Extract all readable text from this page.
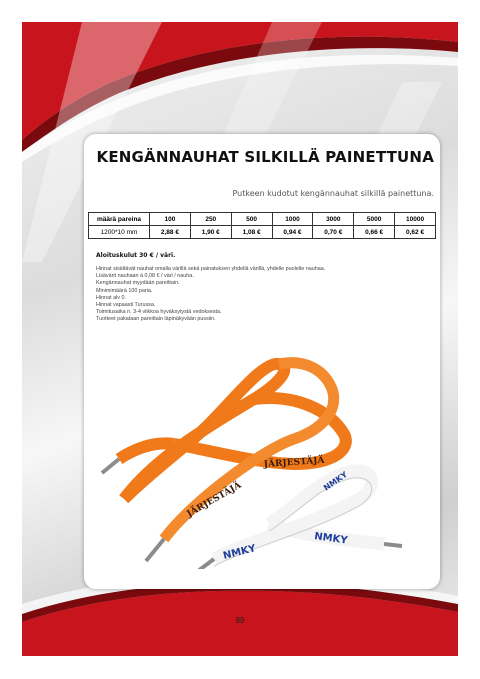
KENGÄNNAUHAT SILKILLÄ PAINETTUNA

Putkeen kudotut kengännauhat silkillä painettuna.

määrä pareina	100	250	500	1000	3000	5000	10000
1200*10 mm	2,88 €	1,90 €	1,08 €	0,94 €	0,70 €	0,66 €	0,62 €

Aloituskulut 30 € / väri.

Hinnat sisältävät nauhat omalla värillä sekä painatuksen yhdellä värillä, yhdelle puolelle nauhaa.
Lisävärit nauhaan á 0,08 € / väri / nauha.
Kengännauhat myydään pareittain.
Minimimäärä 100 paria.
Hinnat alv 0.
Hinnat vapaasti Turussa.
Toimitusaika n. 3-4 viikkoa hyväksytystä vedoksesta.
Tuotteet pakataan pareittain läpinäkyvään pussiin.
JÄRJESTÄJÄ
JÄRJESTÄJÄ
NMKY
NMKY
NMKY

99
